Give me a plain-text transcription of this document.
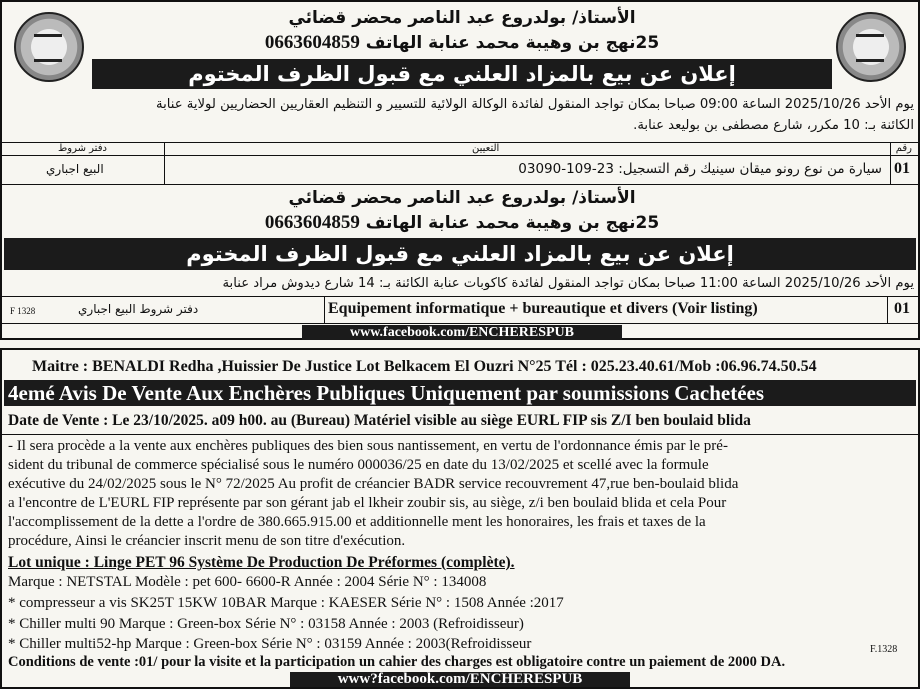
الأستاذ/ بولدروع عبد الناصر محضر قضائي
25نهج بن وهيبة محمد عنابة الهاتف 0663604859
إعلان عن بيع بالمزاد العلني مع قبول الظرف المختوم
يوم الأحد 2025/10/26 الساعة 09:00 صباحا بمكان تواجد المنقول لفائدة الوكالة الولائية للتسيير و التنظيم العقاريين الحضاريين لولاية عنابة
الكائنة بـ: 10 مكرر، شارع مصطفى بن بوليعد عنابة.
رقم
التعيين
دفتر شروط
01
سيارة من نوع رونو ميقان سينيك رقم التسجيل: 23-109-03090
البيع اجباري
الأستاذ/ بولدروع عبد الناصر محضر قضائي
25نهج بن وهيبة محمد عنابة الهاتف 0663604859
إعلان عن بيع بالمزاد العلني مع قبول الظرف المختوم
يوم الأحد 2025/10/26 الساعة 11:00 صباحا بمكان تواجد المنقول لفائدة كاكوبات عنابة الكائنة بـ: 14 شارع ديدوش مراد عنابة
01
Equipement informatique + bureautique et divers (Voir listing)
دفتر شروط البيع اجباري
F 1328
www.facebook.com/ENCHERESPUB
Maitre : BENALDI Redha ,Huissier De Justice Lot Belkacem El Ouzri N°25 Tél : 025.23.40.61/Mob :06.96.74.50.54
4emé Avis De Vente Aux Enchères Publiques Uniquement par soumissions Cachetées
Date de Vente : Le 23/10/2025. a09 h00. au (Bureau) Matériel visible au siège EURL FIP sis Z/I ben boulaid blida
- Il sera procède a la vente aux enchères publiques des bien sous nantissement, en vertu de l'ordonnance émis par le pré-
sident du tribunal de commerce spécialisé sous le numéro 000036/25 en date du 13/02/2025 et scellé avec la formule
exécutive du 24/02/2025 sous le N° 72/2025 Au profit de créancier BADR service recouvrement 47,rue ben-boulaid blida
a l'encontre de L'EURL FIP représente par son gérant jab el lkheir zoubir sis, au siège, z/i ben boulaid blida et cela Pour
l'accomplissement de la dette a l'ordre de 380.665.915.00 et additionnelle ment les honoraires, les frais et taxes de la
procédure, Ainsi le créancier inscrit menu de son titre d'exécution.
Lot unique : Linge PET 96 Système De Production De Préformes (complète).
Marque : NETSTAL Modèle : pet 600- 6600-R Année : 2004 Série N° : 134008
* compresseur a vis SK25T 15KW 10BAR Marque : KAESER Série N° : 1508 Année :2017
* Chiller multi 90 Marque : Green-box Série N° : 03158 Année : 2003 (Refroidisseur)
* Chiller multi52-hp Marque : Green-box Série N° : 03159 Année : 2003(Refroidisseur
Conditions de vente :01/ pour la visite et la participation un cahier des charges est obligatoire contre un paiement de 2000 DA.
F.1328
www?facebook.com/ENCHERESPUB
